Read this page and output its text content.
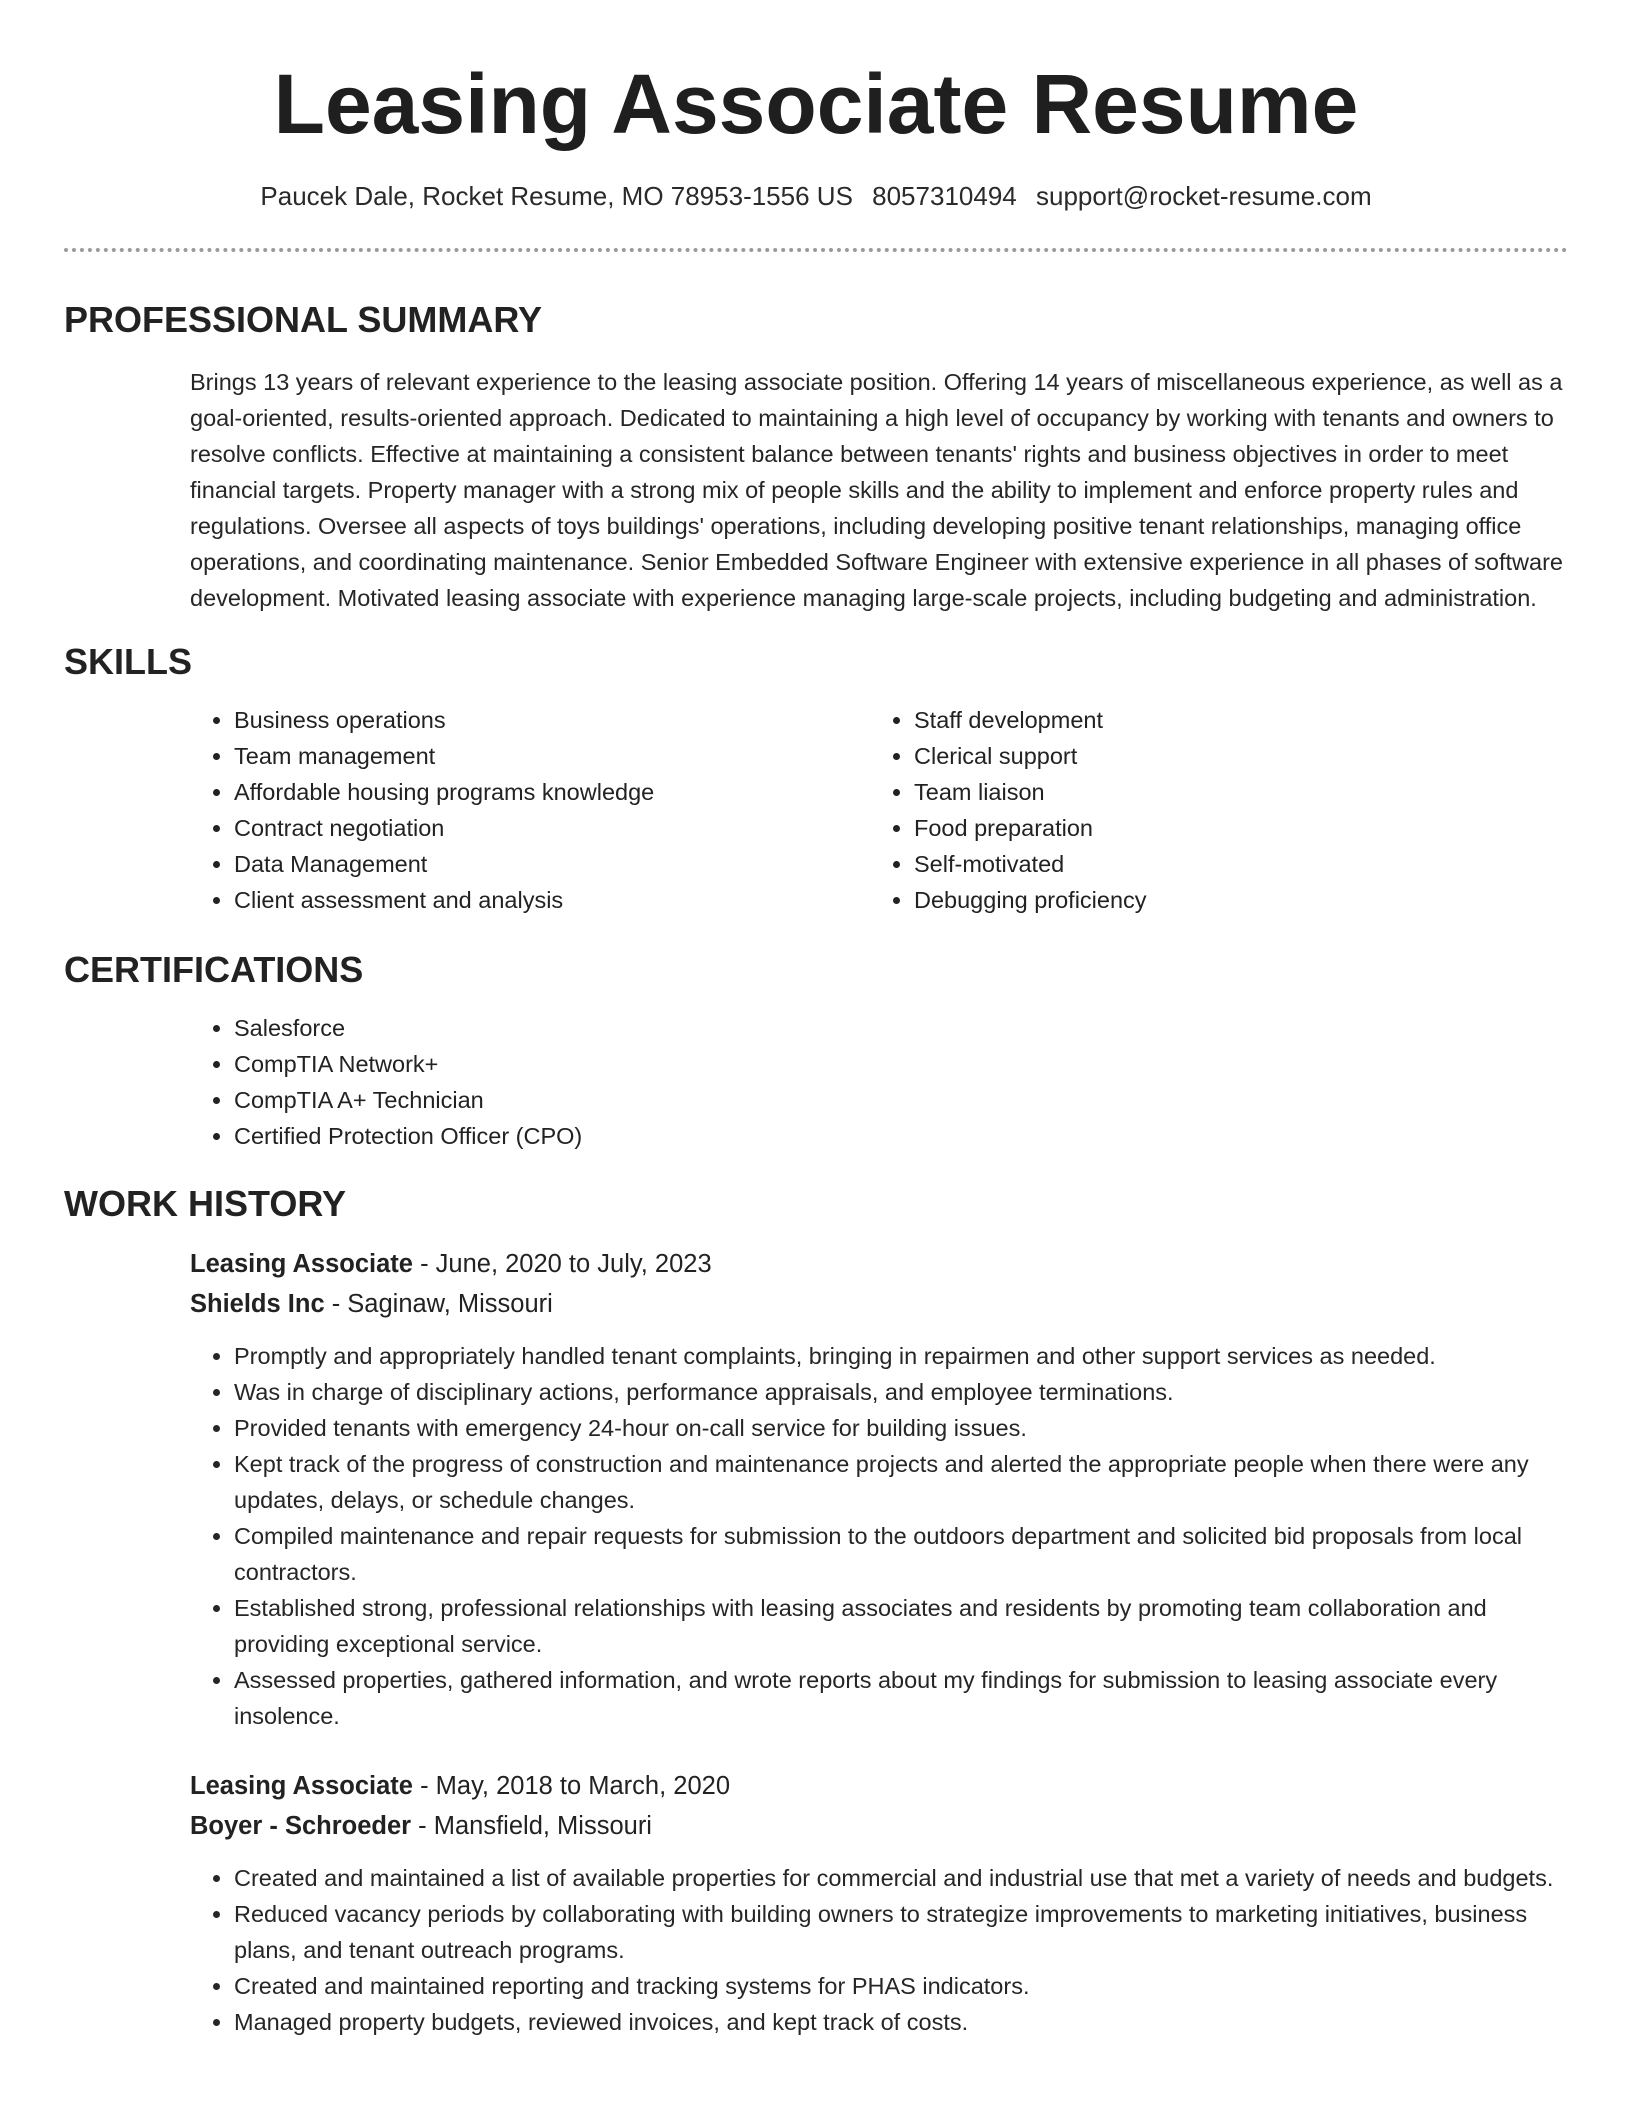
Leasing Associate Resume
Paucek Dale, Rocket Resume, MO 78953-1556 US 8057310494 support@rocket-resume.com
PROFESSIONAL SUMMARY

Brings 13 years of relevant experience to the leasing associate position. Offering 14 years of miscellaneous experience, as well as a goal-oriented, results-oriented approach. Dedicated to maintaining a high level of occupancy by working with tenants and owners to resolve conflicts. Effective at maintaining a consistent balance between tenants' rights and business objectives in order to meet financial targets. Property manager with a strong mix of people skills and the ability to implement and enforce property rules and regulations. Oversee all aspects of toys buildings' operations, including developing positive tenant relationships, managing office operations, and coordinating maintenance. Senior Embedded Software Engineer with extensive experience in all phases of software development. Motivated leasing associate with experience managing large-scale projects, including budgeting and administration.

SKILLS
• Business operations
• Team management
• Affordable housing programs knowledge
• Contract negotiation
• Data Management
• Client assessment and analysis
• Staff development
• Clerical support
• Team liaison
• Food preparation
• Self-motivated
• Debugging proficiency
CERTIFICATIONS
• Salesforce
• CompTIA Network+
• CompTIA A+ Technician
• Certified Protection Officer (CPO)
WORK HISTORY
Leasing Associate - June, 2020 to July, 2023
Shields Inc - Saginaw, Missouri
• Promptly and appropriately handled tenant complaints, bringing in repairmen and other support services as needed.
• Was in charge of disciplinary actions, performance appraisals, and employee terminations.
• Provided tenants with emergency 24-hour on-call service for building issues.
• Kept track of the progress of construction and maintenance projects and alerted the appropriate people when there were any updates, delays, or schedule changes.
• Compiled maintenance and repair requests for submission to the outdoors department and solicited bid proposals from local contractors.
• Established strong, professional relationships with leasing associates and residents by promoting team collaboration and providing exceptional service.
• Assessed properties, gathered information, and wrote reports about my findings for submission to leasing associate every insolence.
Leasing Associate - May, 2018 to March, 2020
Boyer - Schroeder - Mansfield, Missouri
• Created and maintained a list of available properties for commercial and industrial use that met a variety of needs and budgets.
• Reduced vacancy periods by collaborating with building owners to strategize improvements to marketing initiatives, business plans, and tenant outreach programs.
• Created and maintained reporting and tracking systems for PHAS indicators.
• Managed property budgets, reviewed invoices, and kept track of costs.
